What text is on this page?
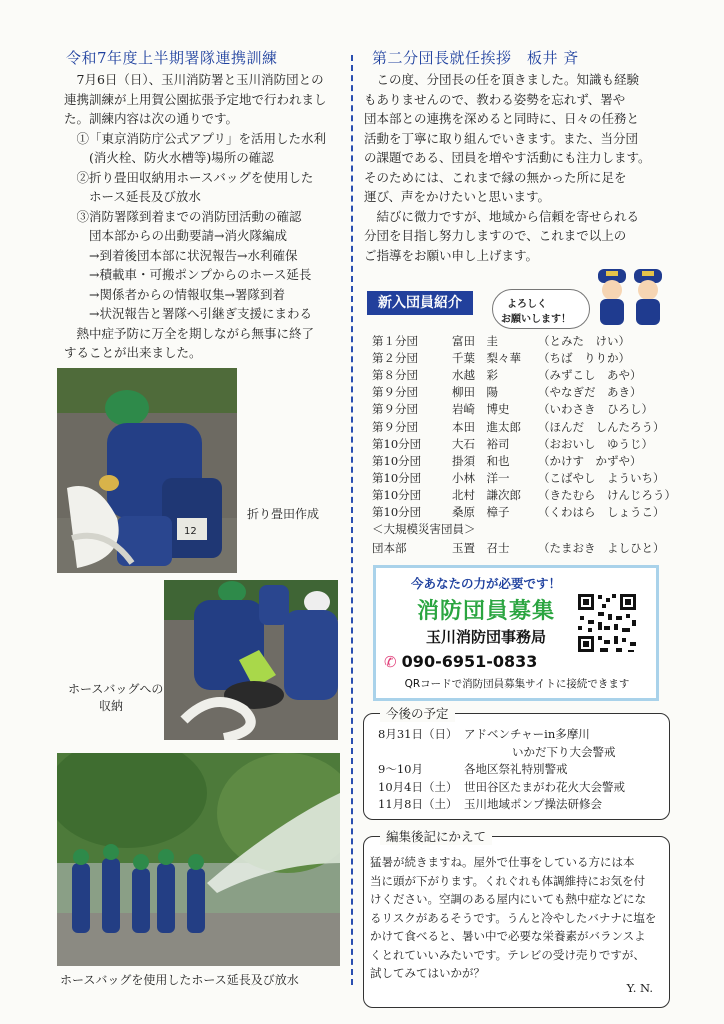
令和7年度上半期署隊連携訓練
　7月6日（日）、玉川消防署と玉川消防団との
連携訓練が上用賀公園拡張予定地で行われまし
た。訓練内容は次の通りです。
　①「東京消防庁公式アプリ」を活用した水利
　　(消火栓、防火水槽等)場所の確認
　②折り畳田収納用ホースバッグを使用した
　　ホース延長及び放水
　③消防署隊到着までの消防団活動の確認
　　団本部からの出動要請→消火隊編成
　　→到着後団本部に状況報告→水利確保
　　→積載車・可搬ポンプからのホース延長
　　→関係者からの情報収集→署隊到着
　　→状況報告と署隊へ引継ぎ支援にまわる
　熱中症予防に万全を期しながら無事に終了
することが出来ました。
12
折り畳田作成
ホースバッグへの
収納
ホースバッグを使用したホース延長及び放水
第二分団長就任挨拶　板井 斉
　この度、分団長の任を頂きました。知識も経験
もありませんので、教わる姿勢を忘れず、署や
団本部との連携を深めると同時に、日々の任務と
活動を丁寧に取り組んでいきます。また、当分団
の課題である、団員を増やす活動にも注力します。
そのためには、これまで縁の無かった所に足を
運び、声をかけたいと思います。
　結びに微力ですが、地域から信頼を寄せられる
分団を目指し努力しますので、これまで以上の
ご指導をお願い申し上げます。
新入団員紹介	よろしく
お願いします！
第１分団	富田　圭	（とみた　けい）
第２分団	千葉　梨々華 （ちば　りりか）
第８分団	水越　彩	（みずこし　あや）
第９分団	柳田　陽	（やなぎだ　あき）
第９分団	岩崎　博史 （いわさき　ひろし）
第９分団	本田　進太郎 （ほんだ　しんたろう）
第10分団	大石　裕司 （おおいし　ゆうじ）
第10分団	掛須　和也 （かけす　かずや）
第10分団	小林　洋一 （こばやし　よういち）
第10分団	北村　謙次郎 （きたむら　けんじろう）
第10分団	桑原　樟子 （くわはら　しょうこ）
＜大規模災害団員＞
団本部	玉置　召士 （たまおき　よしひと）
今あなたの力が必要です！
消防団員募集
玉川消防団事務局
✆ 090-6951-0833
QRコードで消防団員募集サイトに接続できます
今後の予定
8月31日（日） アドベンチャーin多摩川
いかだ下り大会警戒
9～10月	各地区祭礼特別警戒
10月4日（土） 世田谷区たまがわ花火大会警戒
11月8日（土） 玉川地域ポンプ操法研修会
編集後記にかえて
猛暑が続きますね。屋外で仕事をしている方には本
当に頭が下がります。くれぐれも体調維持にお気を付
けください。空調のある屋内にいても熱中症などにな
るリスクがあるそうです。うんと冷やしたバナナに塩を
かけて食べると、暑い中で必要な栄養素がバランスよ
くとれていいみたいです。テレビの受け売りですが、
試してみてはいかが？
Y. N.
